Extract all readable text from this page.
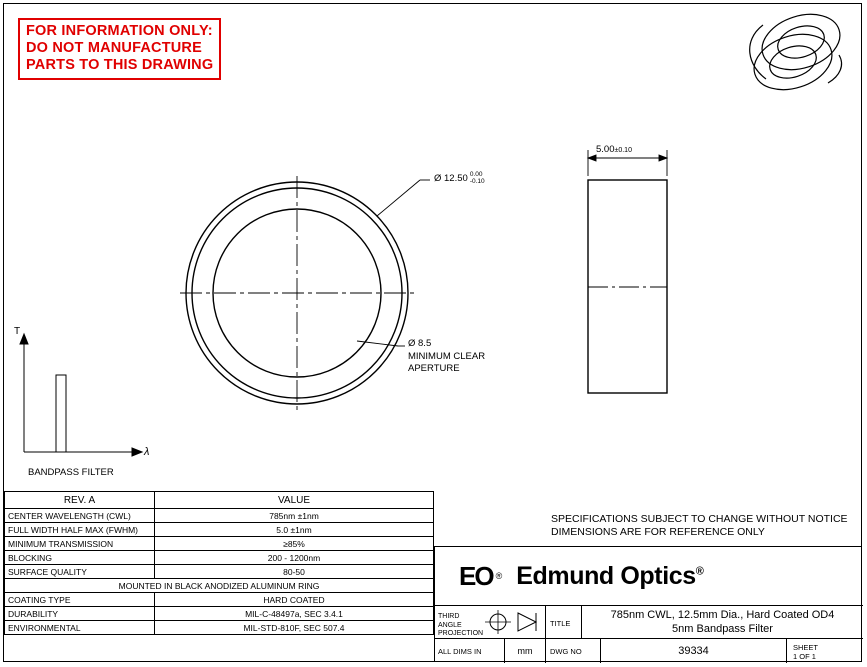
FOR INFORMATION ONLY:
DO NOT MANUFACTURE
PARTS TO THIS DRAWING
Ø 12.50 0.00
-0.10
Ø 8.5
MINIMUM CLEAR
APERTURE
5.00±0.10
T
λ
BANDPASS FILTER
REV. A	VALUE
CENTER WAVELENGTH (CWL)	785nm ±1nm
FULL WIDTH HALF MAX (FWHM)	5.0 ±1nm
MINIMUM TRANSMISSION	≥85%
BLOCKING	200 - 1200nm
SURFACE QUALITY	80-50
MOUNTED IN BLACK ANODIZED ALUMINUM RING	
COATING TYPE	HARD COATED
DURABILITY	MIL-C-48497a, SEC 3.4.1
ENVIRONMENTAL	MIL-STD-810F, SEC 507.4
SPECIFICATIONS SUBJECT TO CHANGE WITHOUT NOTICE
DIMENSIONS ARE FOR REFERENCE ONLY
EO ® Edmund Optics®
THIRD ANGLE
PROJECTION
TITLE
785nm CWL, 12.5mm Dia., Hard Coated OD4
5nm Bandpass Filter
ALL DIMS IN	mm	DWG NO	39334	SHEET
1 OF 1
